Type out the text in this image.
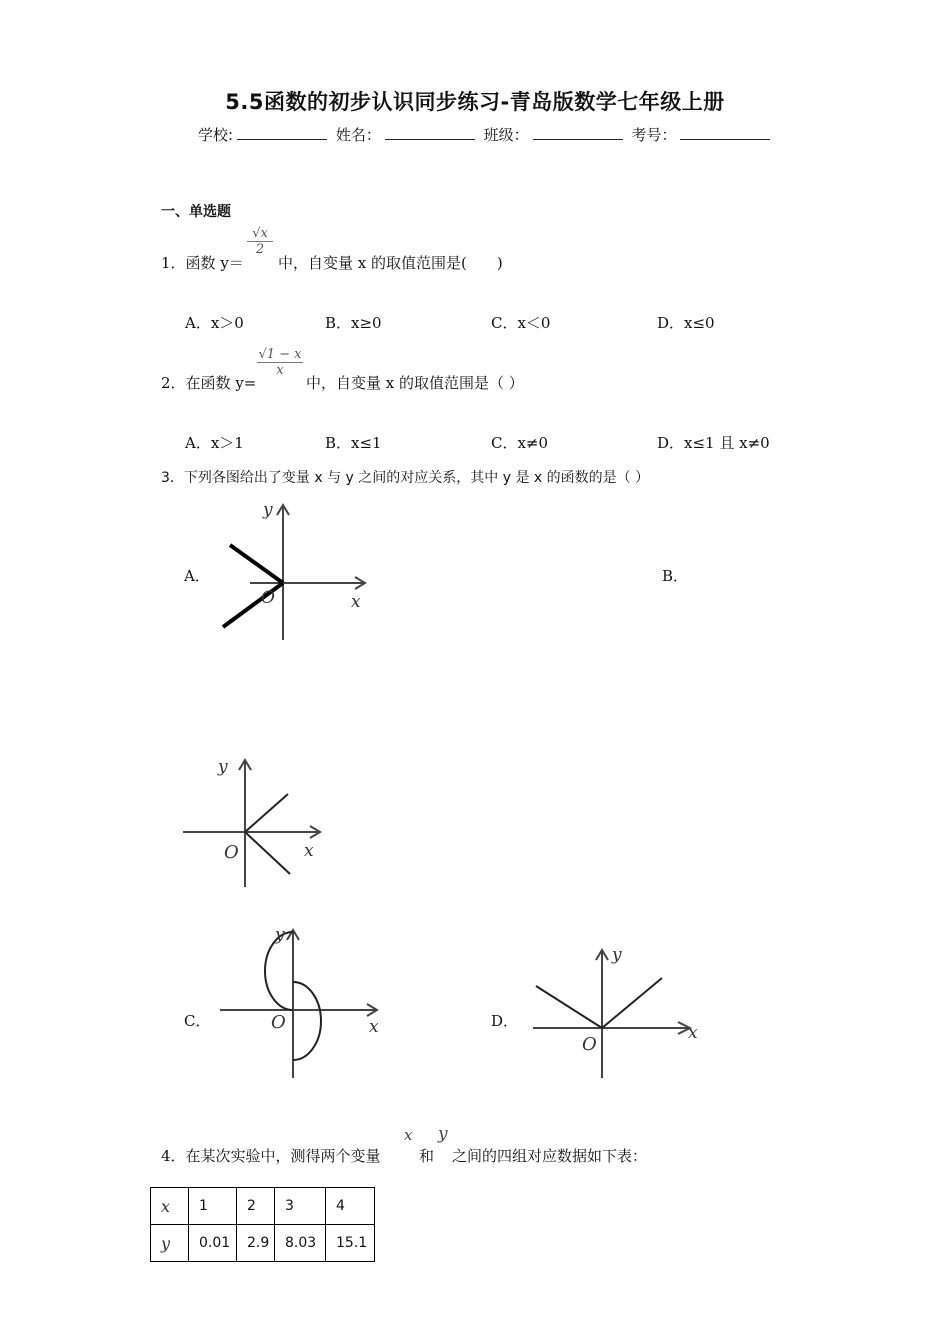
5.5函数的初步认识同步练习-青岛版数学七年级上册
学校:	姓名：	班级：	考号：
一、单选题
1．函数 y＝
$\frac{√x}{2}$
中，自变量 x 的取值范围是(　　)
A．x＞0	B．x≥0	C．x＜0	D．x≤0
2．在函数 y=
$\frac{√1 - x}{x}$
中，自变量 x 的取值范围是（ ）
A．x＞1	B．x≤1	C．x≠0	D．x≤1 且 x≠0
3．下列各图给出了变量 x 与 y 之间的对应关系，其中 y 是 x 的函数的是（ ）
A．	B．
C．	D．
y
x
O
y
x
O
y
x
O
y
x
O
4．在某次实验中，测得两个变量
x
和
y
之间的四组对应数据如下表：
x	1	2	3	4
y	0.01	2.9	8.03	15.1
